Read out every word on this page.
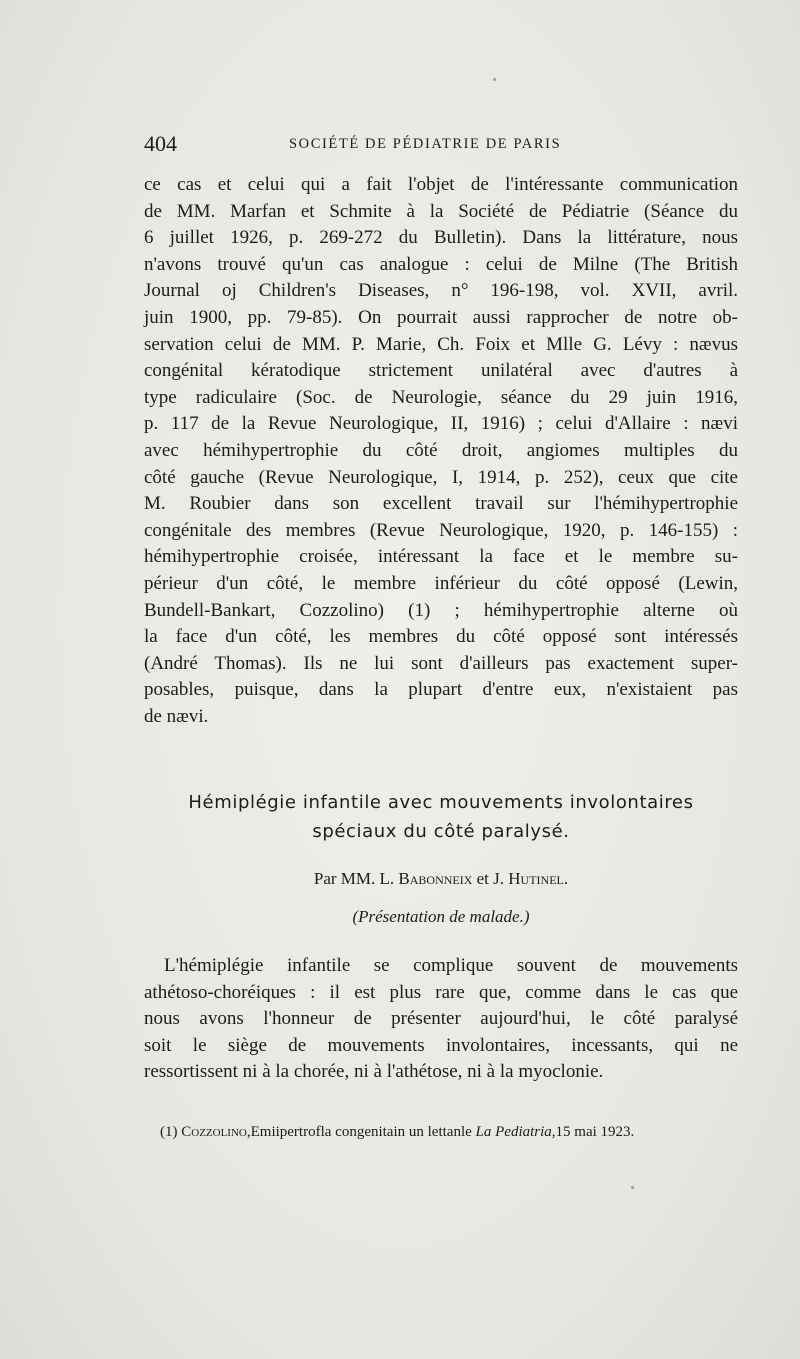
404	SOCIÉTÉ DE PÉDIATRIE DE PARIS
ce cas et celui qui a fait l'objet de l'intéressante communication
de MM. Marfan et Schmite à la Société de Pédiatrie (Séance du
6 juillet 1926, p. 269-272 du Bulletin). Dans la littérature, nous
n'avons trouvé qu'un cas analogue : celui de Milne (The British
Journal oj Children's Diseases, n° 196-198, vol. XVII, avril.
juin 1900, pp. 79-85). On pourrait aussi rapprocher de notre ob-
servation celui de MM. P. Marie, Ch. Foix et Mlle G. Lévy : nævus
congénital kératodique strictement unilatéral avec d'autres à
type radiculaire (Soc. de Neurologie, séance du 29 juin 1916,
p. 117 de la Revue Neurologique, II, 1916) ; celui d'Allaire : nævi
avec hémihypertrophie du côté droit, angiomes multiples du
côté gauche (Revue Neurologique, I, 1914, p. 252), ceux que cite
M. Roubier dans son excellent travail sur l'hémihypertrophie
congénitale des membres (Revue Neurologique, 1920, p. 146-155) :
hémihypertrophie croisée, intéressant la face et le membre su-
périeur d'un côté, le membre inférieur du côté opposé (Lewin,
Bundell-Bankart, Cozzolino) (1) ; hémihypertrophie alterne où
la face d'un côté, les membres du côté opposé sont intéressés
(André Thomas). Ils ne lui sont d'ailleurs pas exactement super-
posables, puisque, dans la plupart d'entre eux, n'existaient pas
de nævi.
Hémiplégie infantile avec mouvements involontaires
spéciaux du côté paralysé.
Par MM. L. Babonneix et J. Hutinel.
(Présentation de malade.)
L'hémiplégie infantile se complique souvent de mouvements
athétoso-choréiques : il est plus rare que, comme dans le cas que
nous avons l'honneur de présenter aujourd'hui, le côté paralysé
soit le siège de mouvements involontaires, incessants, qui ne
ressortissent ni à la chorée, ni à l'athétose, ni à la myoclonie.
(1) Cozzolino,Emiipertrofla congenitain un lettanle La Pediatria,15 mai 1923.
